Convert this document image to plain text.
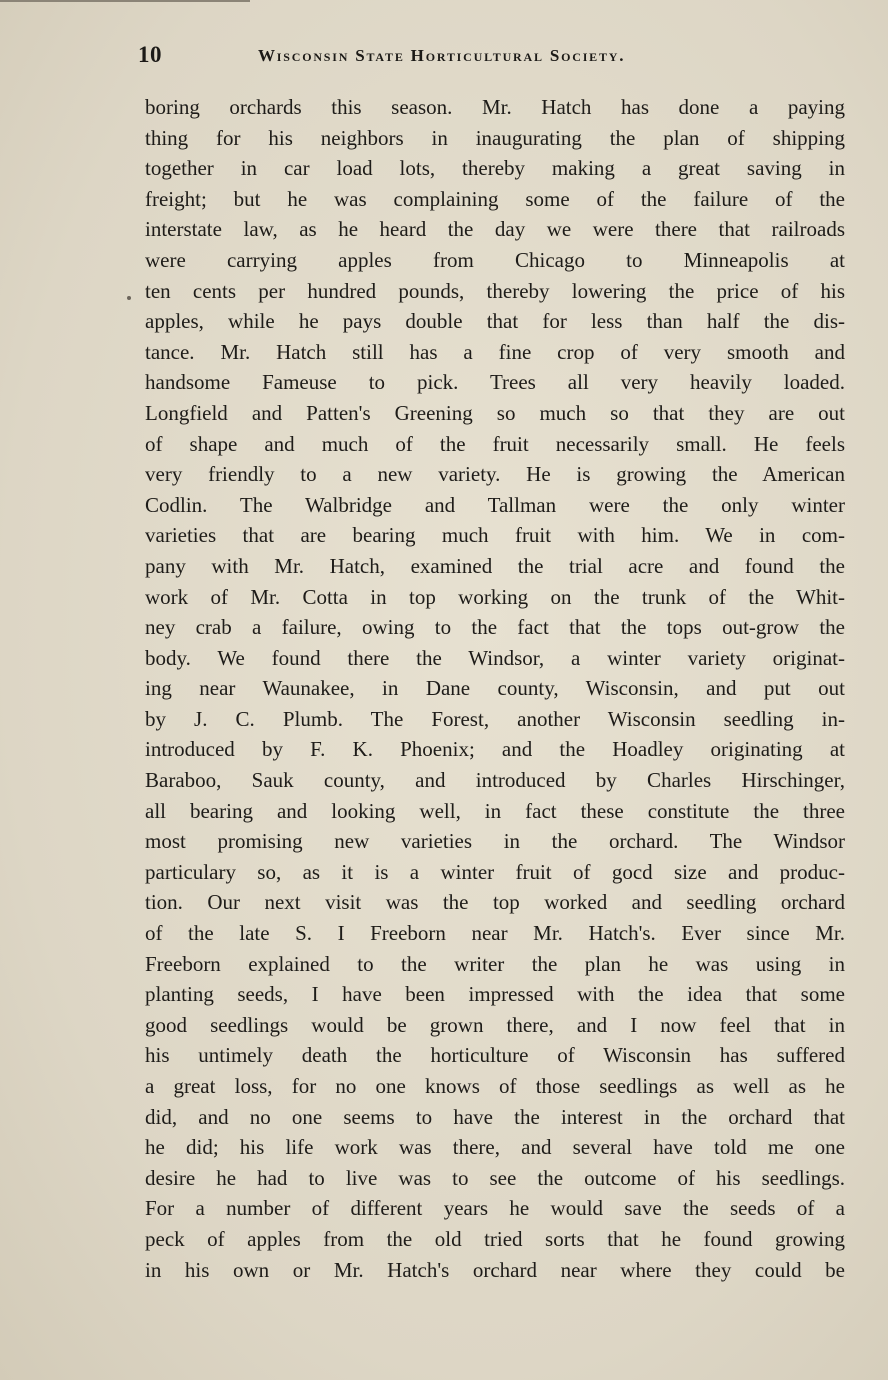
10	Wisconsin State Horticultural Society.
boring orchards this season. Mr. Hatch has done a paying
thing for his neighbors in inaugurating the plan of shipping
together in car load lots, thereby making a great saving in
freight; but he was complaining some of the failure of the
interstate law, as he heard the day we were there that railroads
were carrying apples from Chicago to Minneapolis at
ten cents per hundred pounds, thereby lowering the price of his
apples, while he pays double that for less than half the dis-
tance. Mr. Hatch still has a fine crop of very smooth and
handsome Fameuse to pick. Trees all very heavily loaded.
Longfield and Patten's Greening so much so that they are out
of shape and much of the fruit necessarily small. He feels
very friendly to a new variety. He is growing the American
Codlin. The Walbridge and Tallman were the only winter
varieties that are bearing much fruit with him. We in com-
pany with Mr. Hatch, examined the trial acre and found the
work of Mr. Cotta in top working on the trunk of the Whit-
ney crab a failure, owing to the fact that the tops out-grow the
body. We found there the Windsor, a winter variety originat-
ing near Waunakee, in Dane county, Wisconsin, and put out
by J. C. Plumb. The Forest, another Wisconsin seedling in-
introduced by F. K. Phoenix; and the Hoadley originating at
Baraboo, Sauk county, and introduced by Charles Hirschinger,
all bearing and looking well, in fact these constitute the three
most promising new varieties in the orchard. The Windsor
particulary so, as it is a winter fruit of gocd size and produc-
tion. Our next visit was the top worked and seedling orchard
of the late S. I Freeborn near Mr. Hatch's. Ever since Mr.
Freeborn explained to the writer the plan he was using in
planting seeds, I have been impressed with the idea that some
good seedlings would be grown there, and I now feel that in
his untimely death the horticulture of Wisconsin has suffered
a great loss, for no one knows of those seedlings as well as he
did, and no one seems to have the interest in the orchard that
he did; his life work was there, and several have told me one
desire he had to live was to see the outcome of his seedlings.
For a number of different years he would save the seeds of a
peck of apples from the old tried sorts that he found growing
in his own or Mr. Hatch's orchard near where they could be
